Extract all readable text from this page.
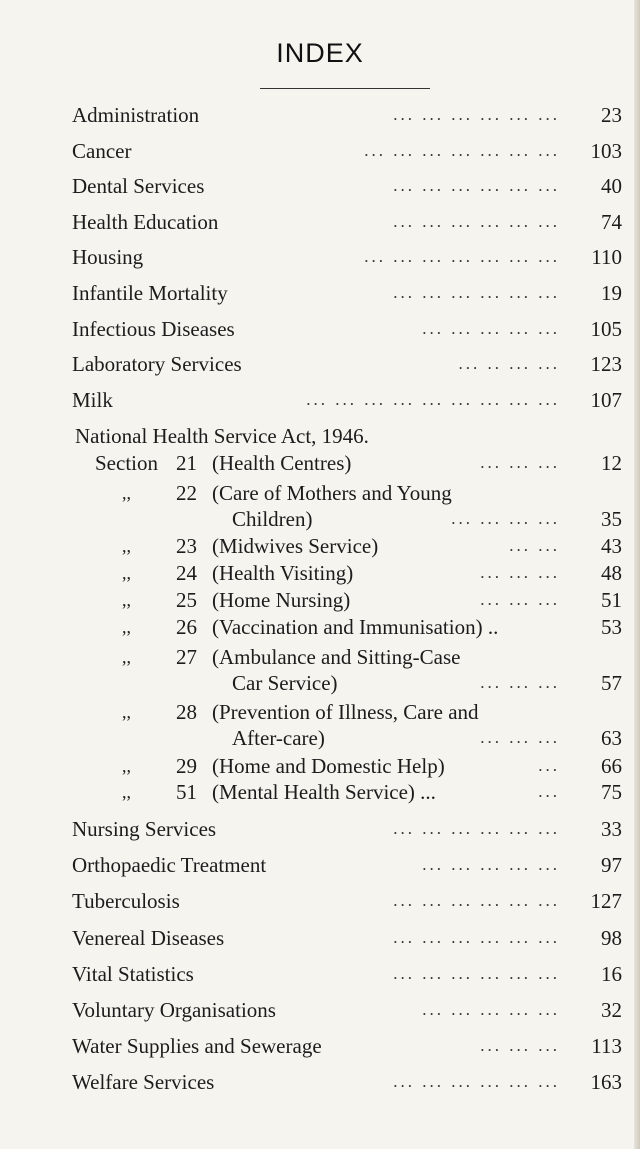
INDEX
Administration	... ... ... ... ... ...	23
Cancer	... ... ... ... ... ... ...	103
Dental Services	... ... ... ... ... ...	40
Health Education	... ... ... ... ... ...	74
Housing	... ... ... ... ... ... ...	110
Infantile Mortality	... ... ... ... ... ...	19
Infectious Diseases	... ... ... ... ...	105
Laboratory Services	... .. ... ...	123
Milk	... ... ... ... ... ... ... ... ...	107
National Health Service Act, 1946.
Section 21 (Health Centres)	... ... ...	12
,, 22 (Care of Mothers and Young
Children)	... ... ... ...	35
,, 23 (Midwives Service)	... ...	43
,, 24 (Health Visiting)	... ... ...	48
,, 25 (Home Nursing)	... ... ...	51
,, 26 (Vaccination and Immunisation) ..	53
,, 27 (Ambulance and Sitting-Case
Car Service)	... ... ...	57
,, 28 (Prevention of Illness, Care and
After-care)	... ... ...	63
,, 29 (Home and Domestic Help)	...	66
,, 51 (Mental Health Service) ...	...	75
Nursing Services	... ... ... ... ... ...	33
Orthopaedic Treatment	... ... ... ... ...	97
Tuberculosis	... ... ... ... ... ...	127
Venereal Diseases	... ... ... ... ... ...	98
Vital Statistics	... ... ... ... ... ...	16
Voluntary Organisations	... ... ... ... ...	32
Water Supplies and Sewerage	... ... ...	113
Welfare Services	... ... ... ... ... ...	163
